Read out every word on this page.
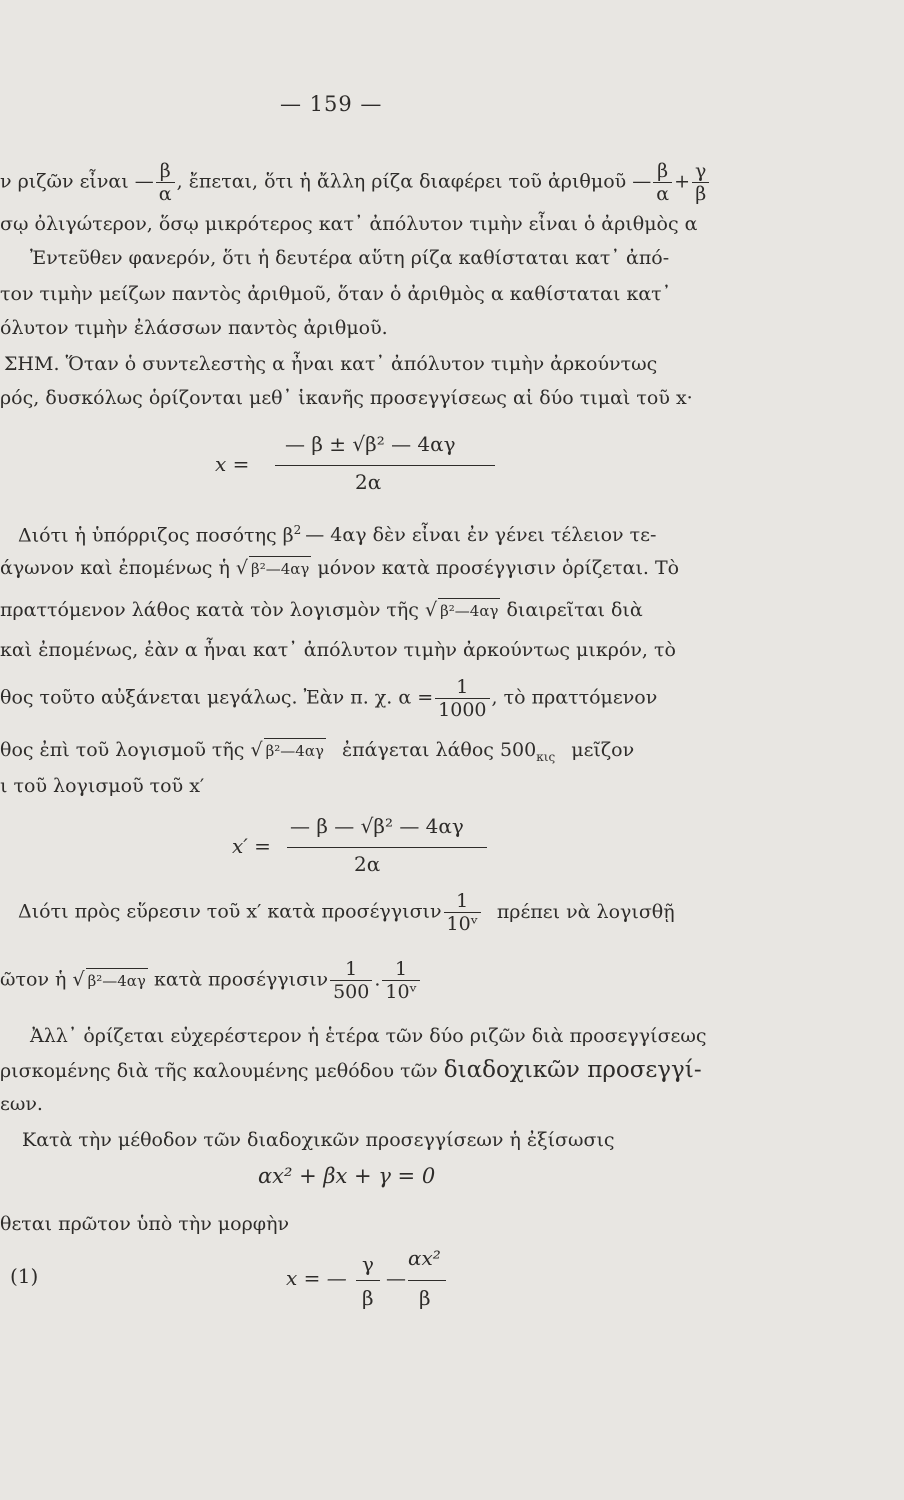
— 159 —
ν ριζῶν εἶναι — $\frac{\beta}{\alpha}$ , ἔπεται, ὅτι ἡ ἄλλη ρίζα διαφέρει τοῦ ἀριθμοῦ — $\frac{\beta}{\alpha} + \frac{\gamma}{\beta}$
σῳ ὀλιγώτερον, ὅσῳ μικρότερος κατ᾽ ἀπόλυτον τιμὴν εἶναι ὁ ἀριθμὸς α
Ἐντεῦθεν φανερόν, ὅτι ἡ δευτέρα αὕτη ρίζα καθίσταται κατ᾽ ἀπό-
τον τιμὴν μείζων παντὸς ἀριθμοῦ, ὅταν ὁ ἀριθμὸς α καθίσταται κατ᾽
όλυτον τιμὴν ἐλάσσων παντὸς ἀριθμοῦ.
ΣΗΜ. Ὅταν ὁ συντελεστὴς α ἦναι κατ᾽ ἀπόλυτον τιμὴν ἀρκούντως
ρός, δυσκόλως ὁρίζονται μεθ᾽ ἱκανῆς προσεγγίσεως αἱ δύο τιμαὶ τοῦ x·
x =
— β ± √β² — 4αγ
2α
Διότι ἡ ὑπόρριζος ποσότης $\beta^2$ — 4αγ δὲν εἶναι ἐν γένει τέλειον τε-
άγωνον καὶ ἐπομένως ἡ √ β²—4αγ μόνον κατὰ προσέγγισιν ὁρίζεται. Τὸ
πραττόμενον λάθος κατὰ τὸν λογισμὸν τῆς √ β²—4αγ διαιρεῖται διὰ
καὶ ἐπομένως, ἐὰν α ἦναι κατ᾽ ἀπόλυτον τιμὴν ἀρκούντως μικρόν, τὸ
θος τοῦτο αὐξάνεται μεγάλως. Ἐὰν π. χ. $\alpha = \frac{1}{1000}$ , τὸ πραττόμενον
θος ἐπὶ τοῦ λογισμοῦ τῆς √ β²—4αγ ἐπάγεται λάθος $500_{\kappa\iota\varsigma}$ μεῖζον
ι τοῦ λογισμοῦ τοῦ x′
x′ =
— β — √β² — 4αγ
2α
Διότι πρὸς εὕρεσιν τοῦ x′ κατὰ προσέγγισιν $\frac{1}{\text{10ᵛ}}$ πρέπει νὰ λογισθῇ
ῶτον ἡ √ β²—4αγ κατὰ προσέγγισιν $\frac{1}{500}$ . $\frac{1}{\text{10ᵛ}}$
Ἀλλ᾽ ὁρίζεται εὐχερέστερον ἡ ἑτέρα τῶν δύο ριζῶν διὰ προσεγγίσεως
ρισκομένης διὰ τῆς καλουμένης μεθόδου τῶν διαδοχικῶν προσεγγί-
εων.
Κατὰ τὴν μέθοδον τῶν διαδοχικῶν προσεγγίσεων ἡ ἐξίσωσις
αx² + βx + γ = 0
θεται πρῶτον ὑπὸ τὴν μορφὴν
(1)	x = —
γ
β
—
αx²
β
